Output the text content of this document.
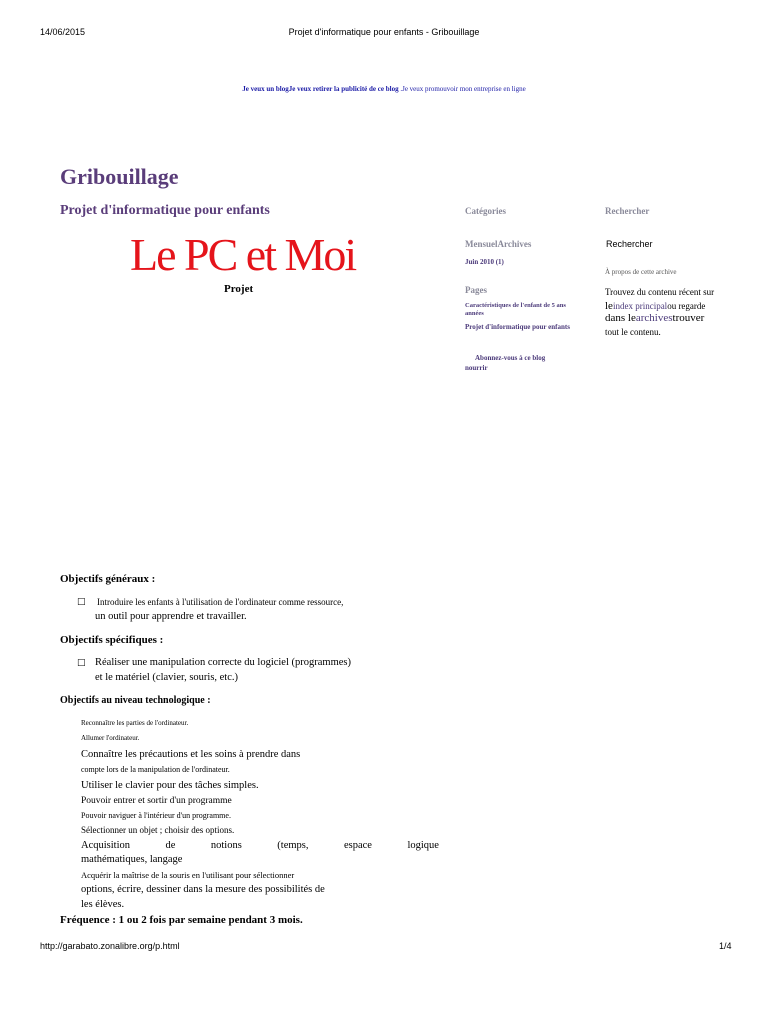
14/06/2015	Projet d'informatique pour enfants - Gribouillage
Je veux un blogJe veux retirer la publicité de ce blog .Je veux promouvoir mon entreprise en ligne
Gribouillage
Projet d'informatique pour enfants
Le PC et Moi
Projet
Catégories
MensuelArchives
Juin 2010 (1)
Pages
Caractéristiques de l'enfant de 5 ans années
Projet d'informatique pour enfants
Abonnez-vous à ce blog
nourrir
Rechercher
Rechercher
À propos de cette archive
Trouvez du contenu récent sur
leindex principalou regarde
dans learchivestrouver
tout le contenu.
Objectifs généraux :
□ Introduire les enfants à l'utilisation de l'ordinateur comme ressource,
un outil pour apprendre et travailler.
Objectifs spécifiques :
□ Réaliser une manipulation correcte du logiciel (programmes)
et le matériel (clavier, souris, etc.)
Objectifs au niveau technologique :
Reconnaître les parties de l'ordinateur.
Allumer l'ordinateur.
Connaître les précautions et les soins à prendre dans
compte lors de la manipulation de l'ordinateur.
Utiliser le clavier pour des tâches simples.
Pouvoir entrer et sortir d'un programme
Pouvoir naviguer à l'intérieur d'un programme.
Sélectionner un objet ; choisir des options.
Acquisition	de	notions	(temps,	espace	logique
mathématiques, langage
Acquérir la maîtrise de la souris en l'utilisant pour sélectionner
options, écrire, dessiner dans la mesure des possibilités de
les élèves.
Fréquence : 1 ou 2 fois par semaine pendant 3 mois.
http://garabato.zonalibre.org/p.html	1/4
